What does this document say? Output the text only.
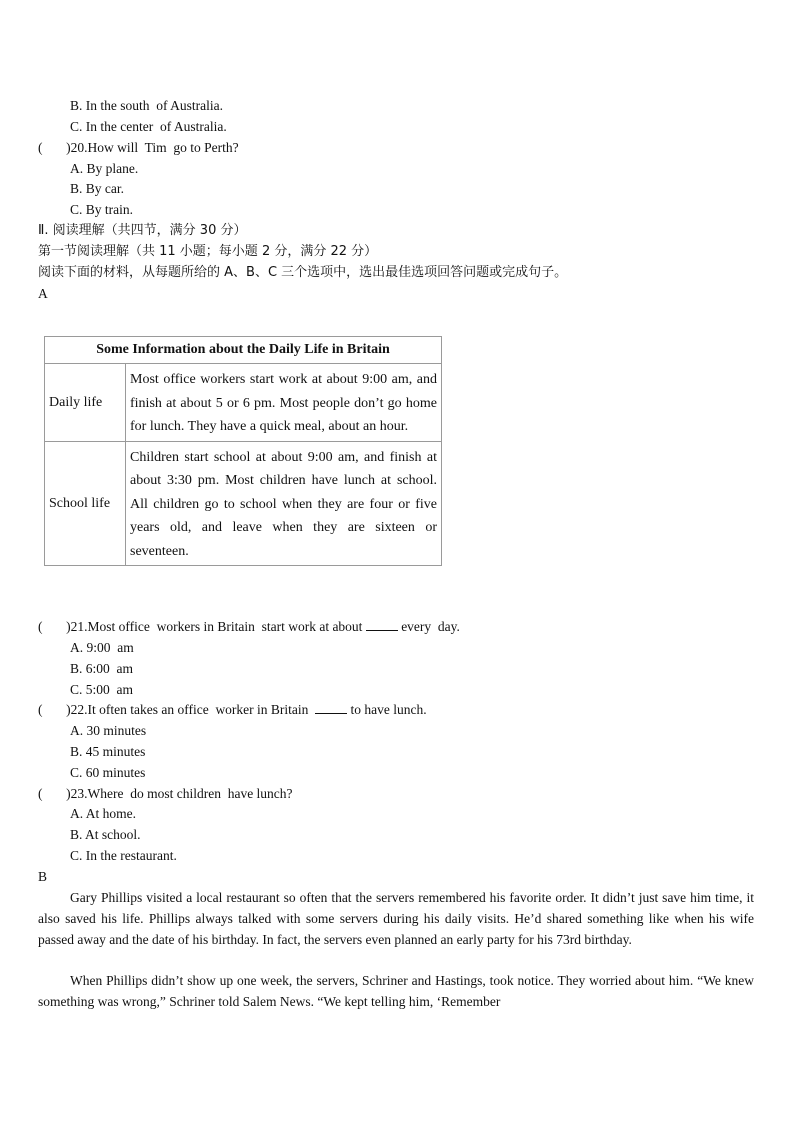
B. In the south  of Australia.
C. In the center  of Australia.
(       )20.How will  Tim  go to Perth?
A. By plane.
B. By car.
C. By train.
Ⅱ. 阅读理解（共四节，满分 30 分）
第一节阅读理解（共 11 小题；每小题 2 分，满分 22 分）
阅读下面的材料，从每题所给的 A、B、C 三个选项中，选出最佳选项回答问题或完成句子。
A
Some Information about the Daily Life in Britain	
Daily life	Most office workers start work at about 9:00 am, and finish at about 5 or 6 pm. Most people don’t go home for lunch. They have a quick meal, about an hour.
School life	Children start school at about 9:00 am, and finish at about 3:30 pm. Most children have lunch at school. All children go to school when they are four or five years old, and leave when they are sixteen or seventeen.
(       )21.Most office  workers in Britain  start work at about  every  day.
A. 9:00  am
B. 6:00  am
C. 5:00  am
(       )22.It often takes an office  worker in Britain   to have lunch.
A. 30 minutes
B. 45 minutes
C. 60 minutes
(       )23.Where  do most children  have lunch?
A. At home.
B. At school.
C. In the restaurant.
B
Gary Phillips visited a local restaurant so often that the servers remembered his favorite order. It didn’t just save him time, it also saved his life. Phillips always talked with some servers during his daily visits. He’d shared something like when his wife passed away and the date of his birthday. In fact, the servers even planned an early party for his 73rd birthday.
When Phillips didn’t show up one week, the servers, Schriner and Hastings, took notice. They worried about him. “We knew something was wrong,” Schriner told Salem News. “We kept telling him, ‘Remember
